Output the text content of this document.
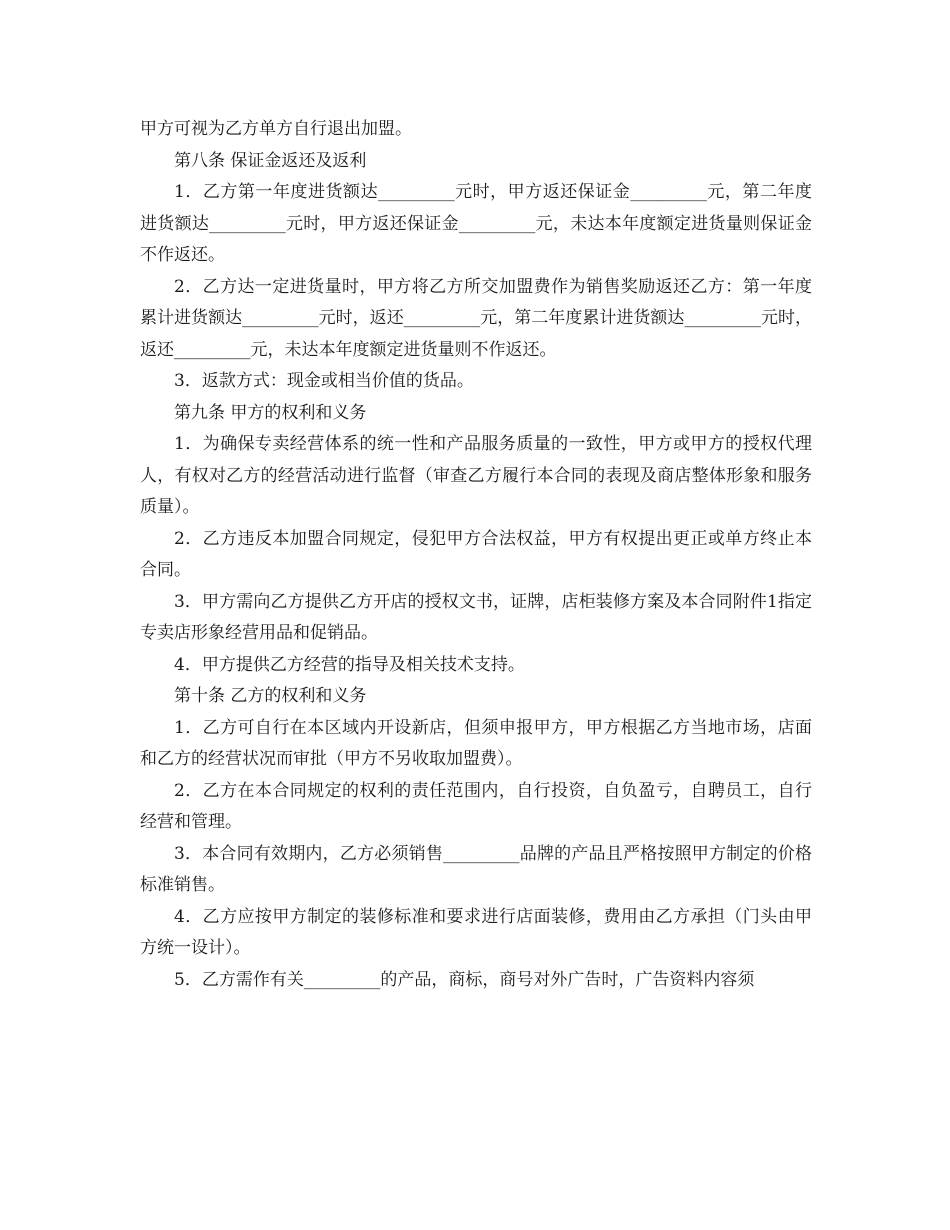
甲方可视为乙方单方自行退出加盟。

第八条 保证金返还及返利

1．乙方第一年度进货额达_________元时，甲方返还保证金_________元，第二年度进货额达_________元时，甲方返还保证金_________元，未达本年度额定进货量则保证金不作返还。

2．乙方达一定进货量时，甲方将乙方所交加盟费作为销售奖励返还乙方：第一年度累计进货额达_________元时，返还_________元，第二年度累计进货额达_________元时，返还_________元，未达本年度额定进货量则不作返还。

3．返款方式：现金或相当价值的货品。

第九条 甲方的权利和义务

1．为确保专卖经营体系的统一性和产品服务质量的一致性，甲方或甲方的授权代理人，有权对乙方的经营活动进行监督（审查乙方履行本合同的表现及商店整体形象和服务质量）。

2．乙方违反本加盟合同规定，侵犯甲方合法权益，甲方有权提出更正或单方终止本合同。

3．甲方需向乙方提供乙方开店的授权文书，证牌，店柜装修方案及本合同附件1指定专卖店形象经营用品和促销品。

4．甲方提供乙方经营的指导及相关技术支持。

第十条 乙方的权利和义务

1．乙方可自行在本区域内开设新店，但须申报甲方，甲方根据乙方当地市场，店面和乙方的经营状况而审批（甲方不另收取加盟费）。

2．乙方在本合同规定的权利的责任范围内，自行投资，自负盈亏，自聘员工，自行经营和管理。

3．本合同有效期内，乙方必须销售_________品牌的产品且严格按照甲方制定的价格标准销售。

4．乙方应按甲方制定的装修标准和要求进行店面装修，费用由乙方承担（门头由甲方统一设计）。

5．乙方需作有关_________的产品，商标，商号对外广告时，广告资料内容须
